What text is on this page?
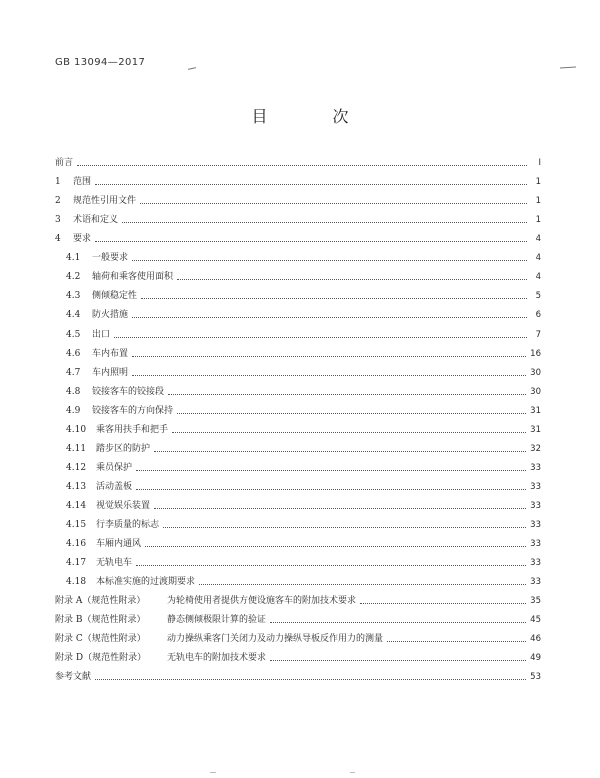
GB 13094—2017
目 次
前言	Ⅰ
1	范围	1
2	规范性引用文件	1
3	术语和定义	1
4	要求	4
4.1	一般要求	4
4.2	轴荷和乘客使用面积	4
4.3	侧倾稳定性	5
4.4	防火措施	6
4.5	出口	7
4.6	车内布置	16
4.7	车内照明	30
4.8	铰接客车的铰接段	30
4.9	铰接客车的方向保持	31
4.10	乘客用扶手和把手	31
4.11	踏步区的防护	32
4.12	乘员保护	33
4.13	活动盖板	33
4.14	视觉娱乐装置	33
4.15	行李质量的标志	33
4.16	车厢内通风	33
4.17	无轨电车	33
4.18	本标准实施的过渡期要求	33
附录 A（规范性附录）	为轮椅使用者提供方便设施客车的附加技术要求	35
附录 B（规范性附录）	静态侧倾极限计算的验证	45
附录 C（规范性附录）	动力操纵乘客门关闭力及动力操纵导板反作用力的测量	46
附录 D（规范性附录）	无轨电车的附加技术要求	49
参考文献	53
